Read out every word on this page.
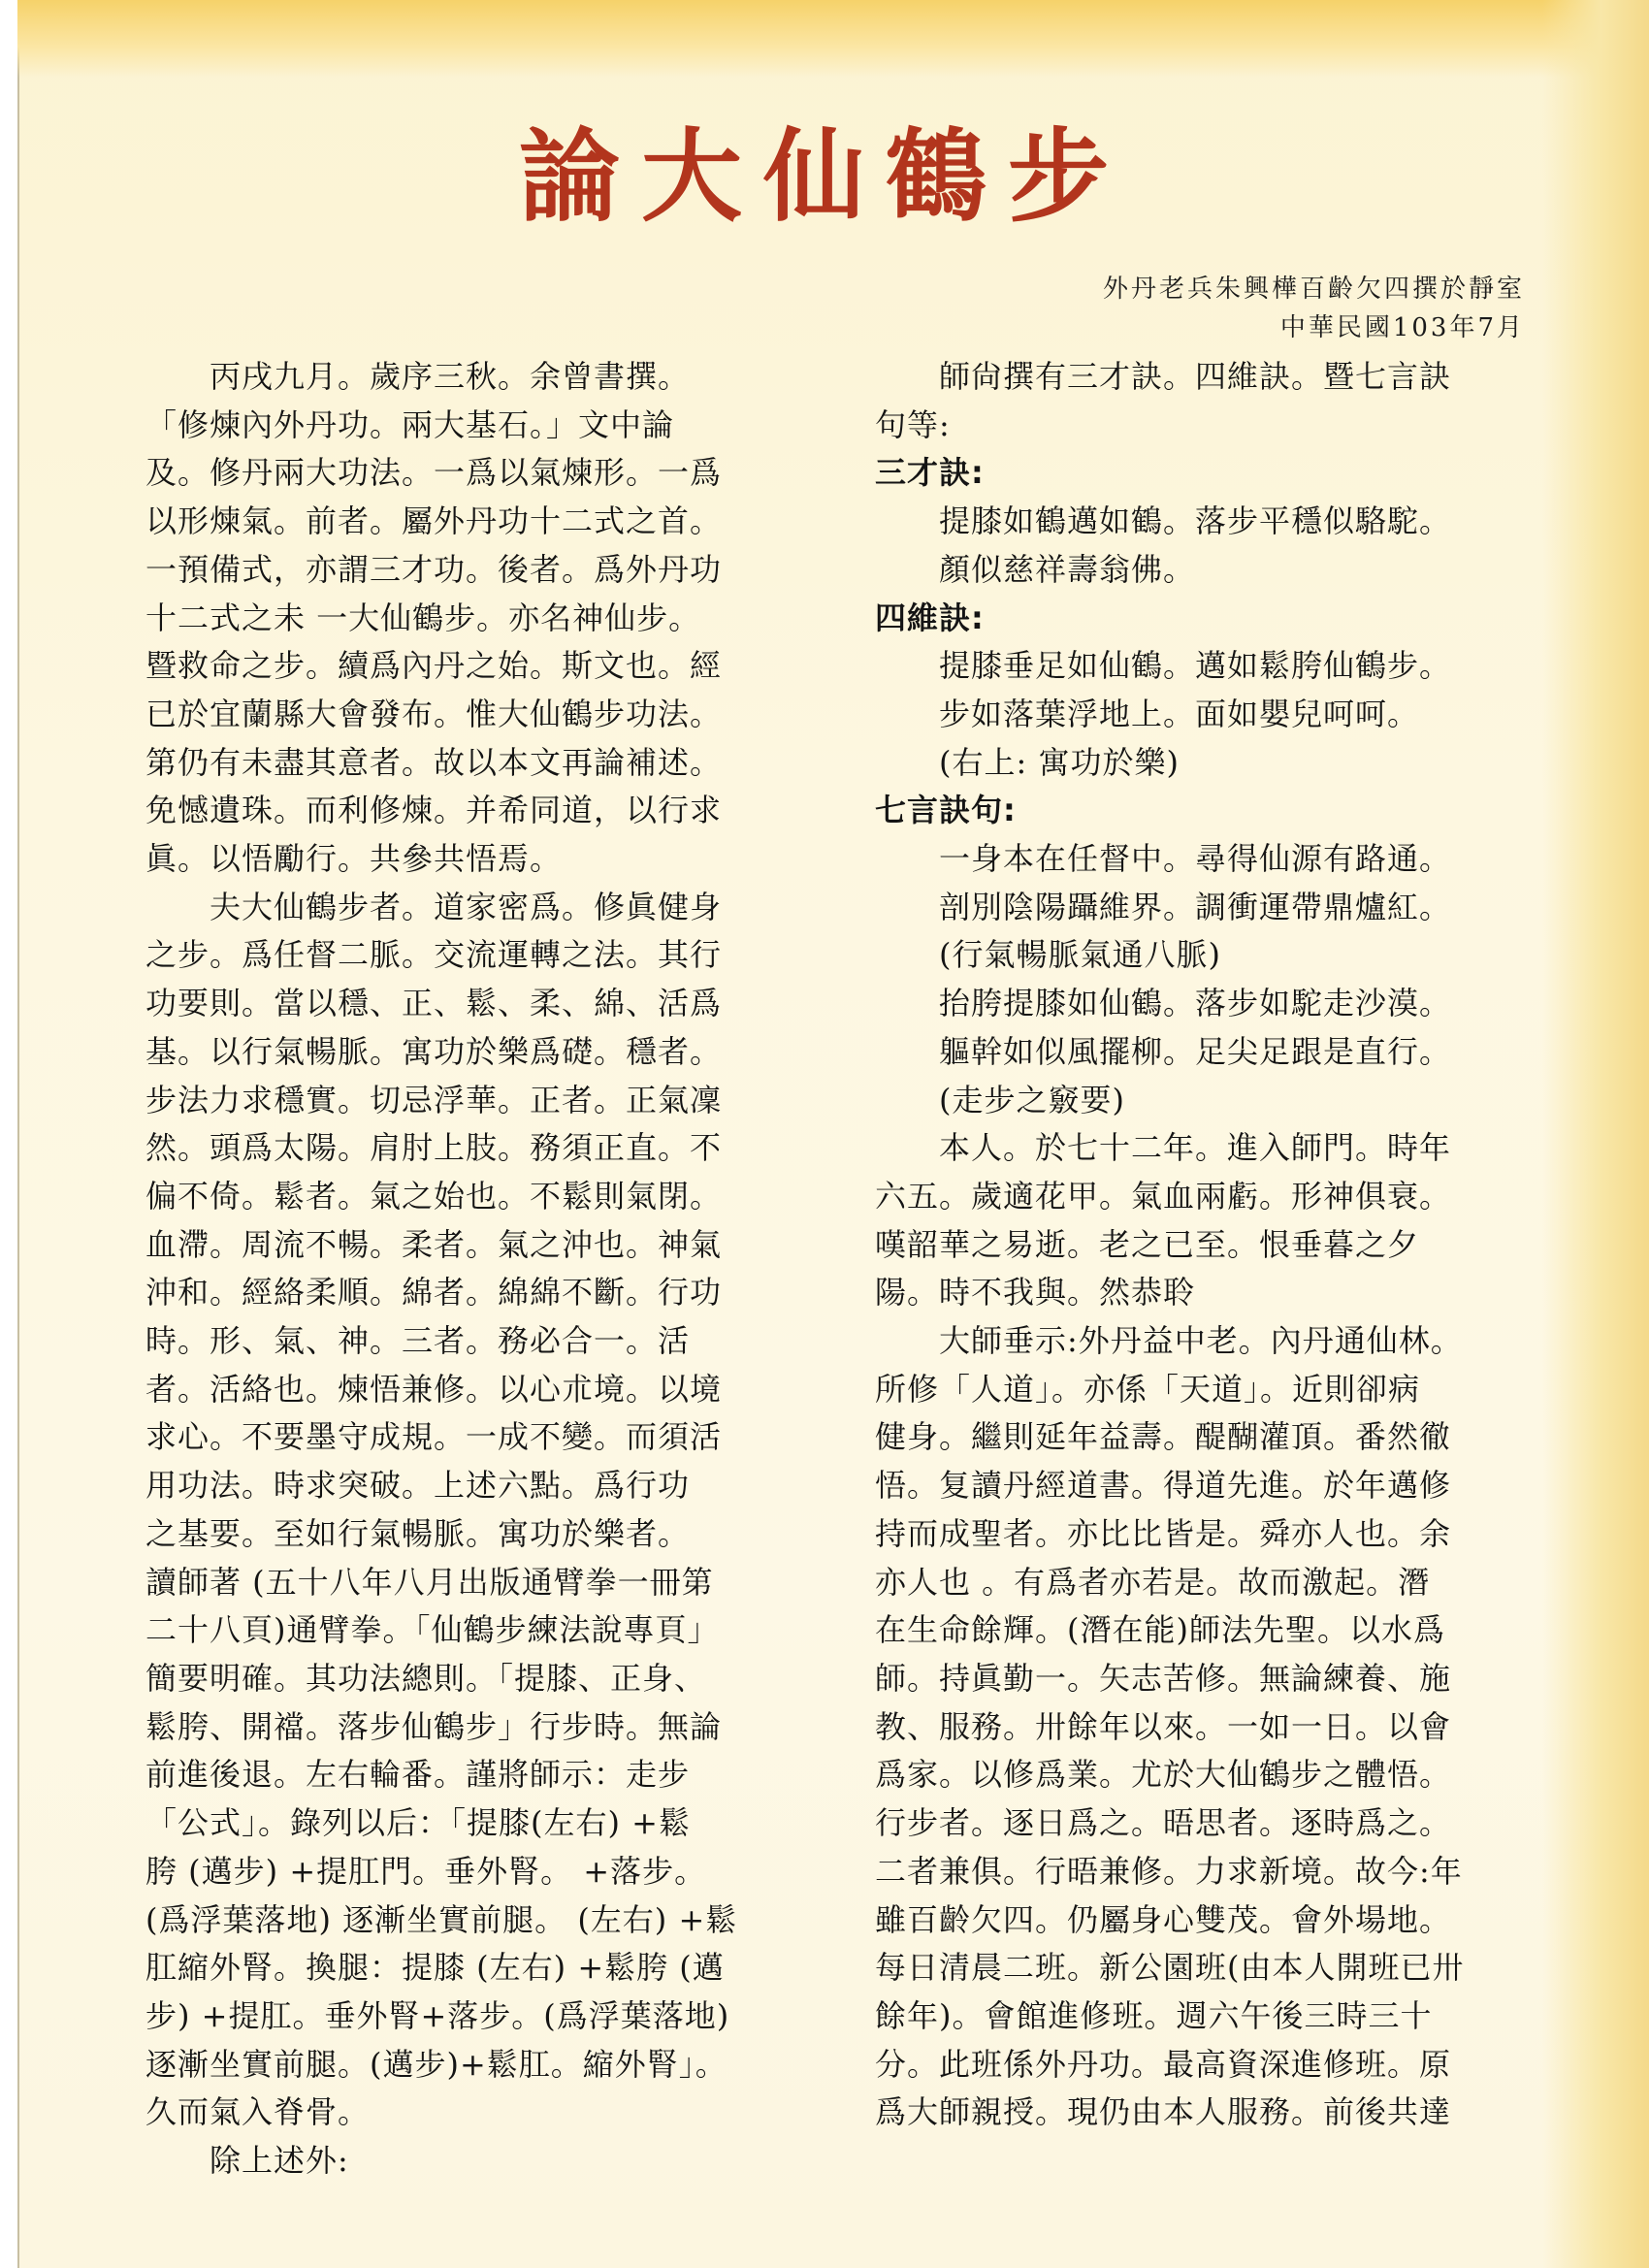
論大仙鶴步
外丹老兵朱興樺百齡欠四撰於靜室
中華民國103年7月

　　丙戌九月。歲序三秋。余曾書撰。

「修煉內外丹功。兩大基石。」文中論

及。修丹兩大功法。一爲以氣煉形。一爲

以形煉氣。前者。屬外丹功十二式之首。

一預備式，亦謂三才功。後者。爲外丹功

十二式之未 一大仙鶴步。亦名神仙步。

暨救命之步。續爲內丹之始。斯文也。經

已於宜蘭縣大會發布。惟大仙鶴步功法。

第仍有未盡其意者。故以本文再論補述。

免憾遺珠。而利修煉。并希同道，以行求

眞。以悟勵行。共參共悟焉。

　　夫大仙鶴步者。道家密爲。修眞健身

之步。爲任督二脈。交流運轉之法。其行

功要則。當以穩、正、鬆、柔、綿、活爲

基。以行氣暢脈。寓功於樂爲礎。穩者。

步法力求穩實。切忌浮華。正者。正氣凜

然。頭爲太陽。肩肘上肢。務須正直。不

偏不倚。鬆者。氣之始也。不鬆則氣閉。

血滯。周流不暢。柔者。氣之沖也。神氣

沖和。經絡柔順。綿者。綿綿不斷。行功

時。形、氣、神。三者。務必合一。活

者。活絡也。煉悟兼修。以心朮境。以境

求心。不要墨守成規。一成不變。而須活

用功法。時求突破。上述六點。爲行功

之基要。至如行氣暢脈。寓功於樂者。

讀師著 (五十八年八月出版通臂拳一冊第

二十八頁)通臂拳。「仙鶴步練法說專頁」

簡要明確。其功法總則。「提膝、正身、

鬆胯、開襠。落步仙鶴步」行步時。無論

前進後退。左右輪番。謹將師示：走步

「公式」。錄列以后：「提膝(左右) +鬆

胯 (邁步) +提肛門。垂外腎。 +落步。

(爲浮葉落地) 逐漸坐實前腿。 (左右) +鬆

肛縮外腎。換腿：提膝 (左右) +鬆胯 (邁

步) +提肛。垂外腎+落步。(爲浮葉落地)

逐漸坐實前腿。(邁步)+鬆肛。縮外腎」。

久而氣入脊骨。

　　除上述外:

　　師尙撰有三才訣。四維訣。暨七言訣

句等:

三才訣:

　　提膝如鶴邁如鶴。落步平穩似駱駝。

　　顏似慈祥壽翁佛。

四維訣:

　　提膝垂足如仙鶴。邁如鬆胯仙鶴步。

　　步如落葉浮地上。面如嬰兒呵呵。

　　(右上: 寓功於樂)

七言訣句:

　　一身本在任督中。尋得仙源有路通。

　　剖別陰陽躡維界。調衝運帶鼎爐紅。

　　(行氣暢脈氣通八脈)

　　抬胯提膝如仙鶴。落步如駝走沙漠。

　　軀幹如似風擺柳。足尖足跟是直行。

　　(走步之竅要)

　　本人。於七十二年。進入師門。時年

六五。歲適花甲。氣血兩虧。形神俱衰。

嘆韶華之易逝。老之已至。恨垂暮之夕

陽。時不我與。然恭聆

　　大師垂示:外丹益中老。內丹通仙林。

所修「人道」。亦係「天道」。近則卻病

健身。繼則延年益壽。醍醐灌頂。番然徹

悟。复讀丹經道書。得道先進。於年邁修

持而成聖者。亦比比皆是。舜亦人也。余

亦人也 。有爲者亦若是。故而激起。潛

在生命餘輝。(潛在能)師法先聖。以水爲

師。持眞勤一。矢志苦修。無論練養、施

教、服務。卅餘年以來。一如一日。以會

爲家。以修爲業。尤於大仙鶴步之體悟。

行步者。逐日爲之。晤思者。逐時爲之。

二者兼俱。行晤兼修。力求新境。故今:年

雖百齡欠四。仍屬身心雙茂。會外場地。

每日清晨二班。新公園班(由本人開班已卅

餘年)。會館進修班。週六午後三時三十

分。此班係外丹功。最高資深進修班。原

爲大師親授。現仍由本人服務。前後共達
